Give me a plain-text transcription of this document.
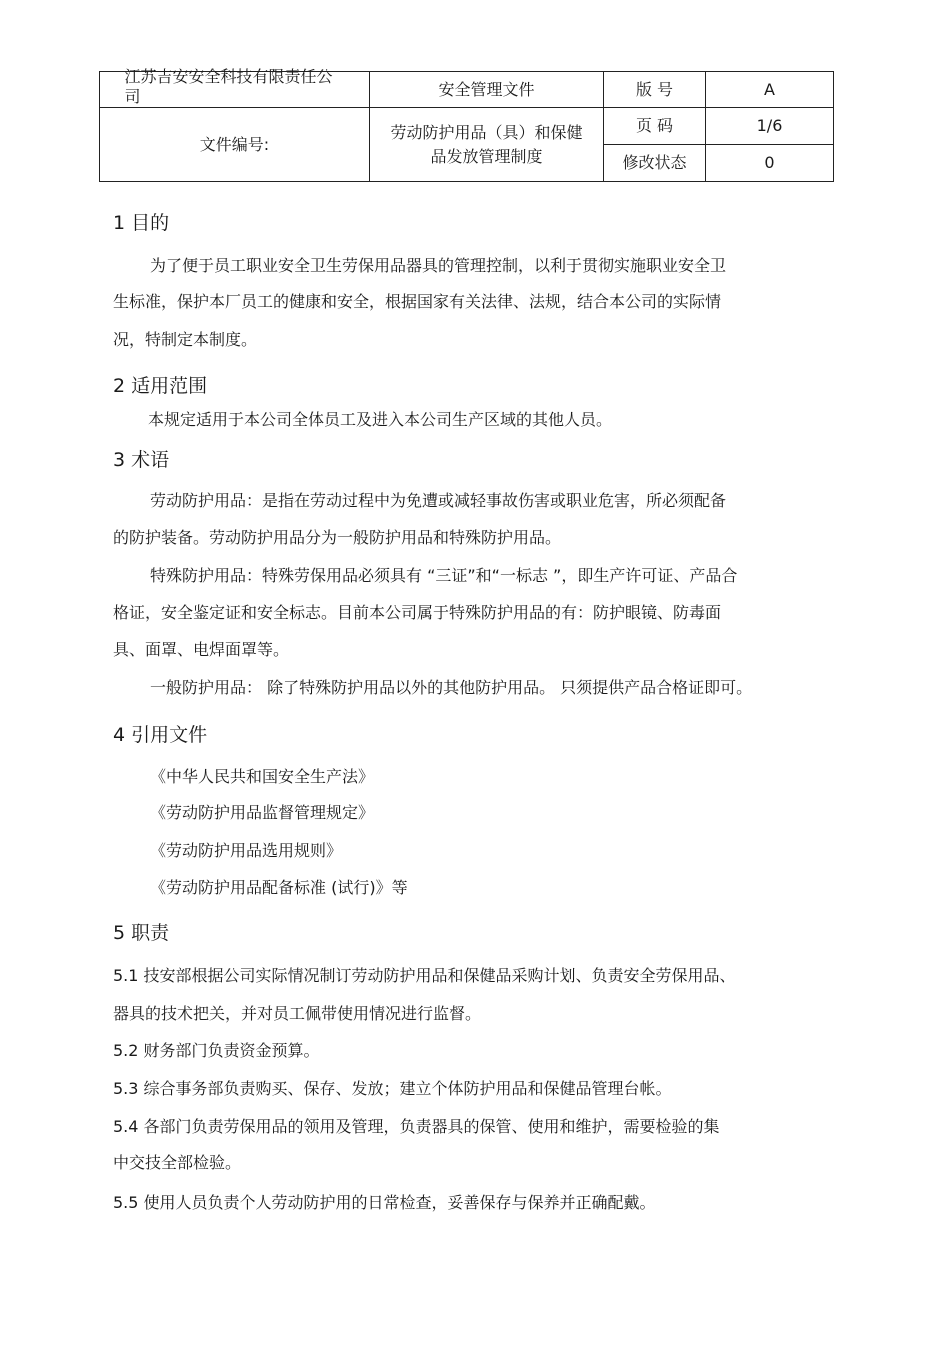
江苏吉安安全科技有限责任公司	安全管理文件	版 号	A
文件编号:	劳动防护用品（具）和保健品发放管理制度	页 码	1/6
		修改状态	0
1 目的
为了便于员工职业安全卫生劳保用品器具的管理控制，以利于贯彻实施职业安全卫
生标准，保护本厂员工的健康和安全，根据国家有关法律、法规，结合本公司的实际情
况，特制定本制度。
2 适用范围
本规定适用于本公司全体员工及进入本公司生产区域的其他人员。
3 术语
劳动防护用品：是指在劳动过程中为免遭或减轻事故伤害或职业危害，所必须配备
的防护装备。劳动防护用品分为一般防护用品和特殊防护用品。
特殊防护用品：特殊劳保用品必须具有 “三证”和“一标志 ”，即生产许可证、产品合
格证，安全鉴定证和安全标志。目前本公司属于特殊防护用品的有：防护眼镜、防毒面
具、面罩、电焊面罩等。
一般防护用品： 除了特殊防护用品以外的其他防护用品。 只须提供产品合格证即可。
4 引用文件
《中华人民共和国安全生产法》
《劳动防护用品监督管理规定》
《劳动防护用品选用规则》
《劳动防护用品配备标准 (试行)》等
5 职责
5.1 技安部根据公司实际情况制订劳动防护用品和保健品采购计划、负责安全劳保用品、
器具的技术把关，并对员工佩带使用情况进行监督。
5.2 财务部门负责资金预算。
5.3 综合事务部负责购买、保存、发放；建立个体防护用品和保健品管理台帐。
5.4 各部门负责劳保用品的领用及管理，负责器具的保管、使用和维护，需要检验的集
中交技全部检验。
5.5 使用人员负责个人劳动防护用的日常检查，妥善保存与保养并正确配戴。
